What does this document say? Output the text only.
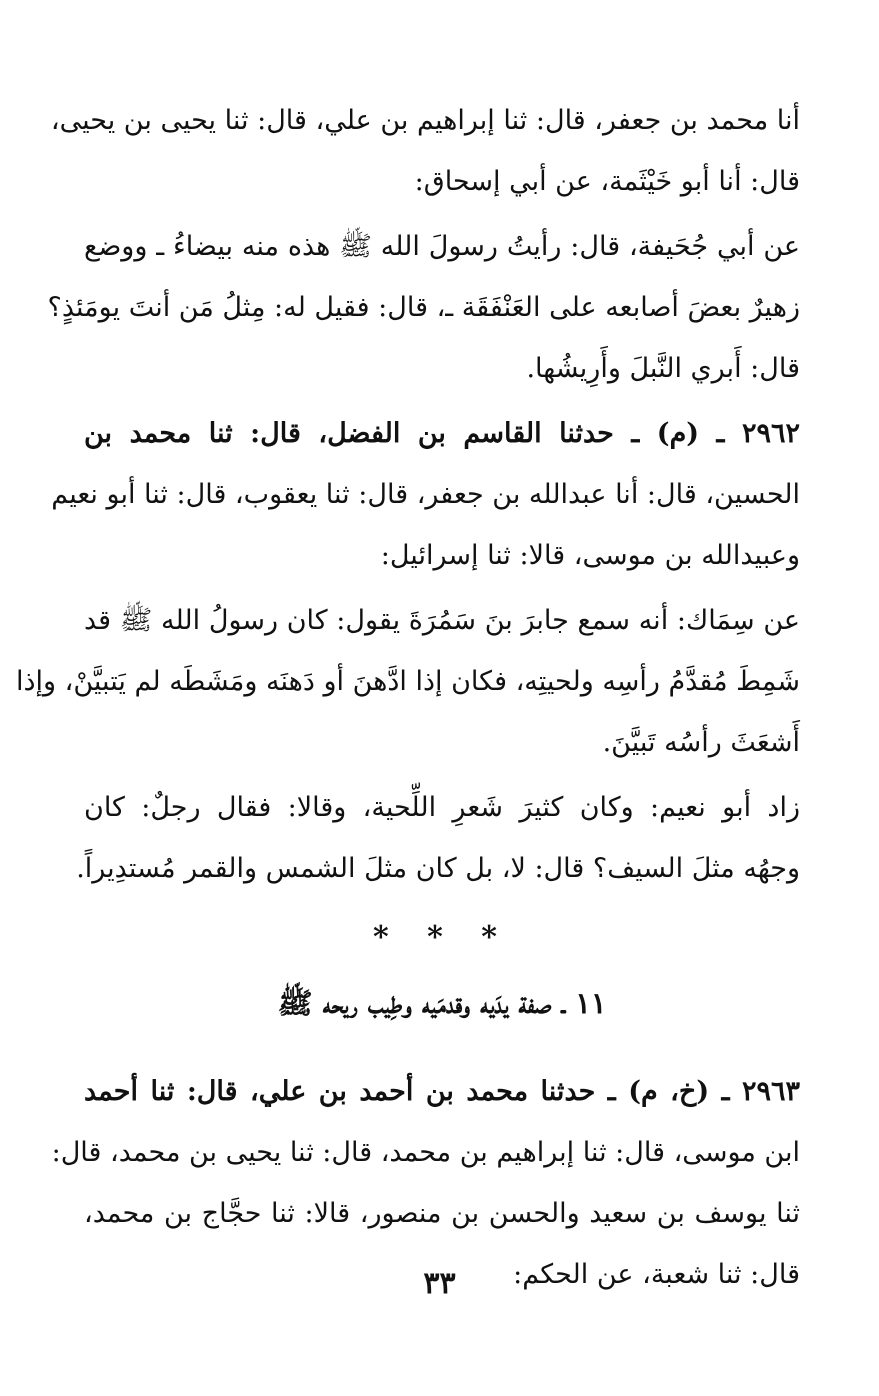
أنا محمد بن جعفر، قال: ثنا إبراهيم بن علي، قال: ثنا يحيى بن يحيى،
قال: أنا أبو خَيْثَمة، عن أبي إسحاق:
عن أبي جُحَيفة، قال: رأيتُ رسولَ الله ﷺ هذه منه بيضاءُ ـ ووضع
زهيرٌ بعضَ أصابعه على العَنْفَقَة ـ، قال: فقيل له: مِثلُ مَن أنتَ يومَئذٍ؟
قال: أَبري النَّبلَ وأَرِيشُها.
٢٩٦٢ ـ (م) ـ حدثنا القاسم بن الفضل، قال: ثنا محمد بن
الحسين، قال: أنا عبدالله بن جعفر، قال: ثنا يعقوب، قال: ثنا أبو نعيم
وعبيدالله بن موسى، قالا: ثنا إسرائيل:
عن سِمَاك: أنه سمع جابرَ بنَ سَمُرَةَ يقول: كان رسولُ الله ﷺ قد
شَمِطَ مُقدَّمُ رأسِه ولحيتِه، فكان إذا ادَّهنَ أو دَهنَه ومَشَطَه لم يَتبيَّنْ، وإذا
أَشعَثَ رأسُه تَبيَّنَ.
زاد أبو نعيم: وكان كثيرَ شَعرِ اللِّحية، وقالا: فقال رجلٌ: كان
وجهُه مثلَ السيف؟ قال: لا، بل كان مثلَ الشمس والقمر مُستدِيراً.
* * *
١١ ـ صفة يدَيه وقدمَيه وطِيب ريحه ﷺ
٢٩٦٣ ـ (خ، م) ـ حدثنا محمد بن أحمد بن علي، قال: ثنا أحمد
ابن موسى، قال: ثنا إبراهيم بن محمد، قال: ثنا يحيى بن محمد، قال:
ثنا يوسف بن سعيد والحسن بن منصور، قالا: ثنا حجَّاج بن محمد،
قال: ثنا شعبة، عن الحكم:
٣٣
